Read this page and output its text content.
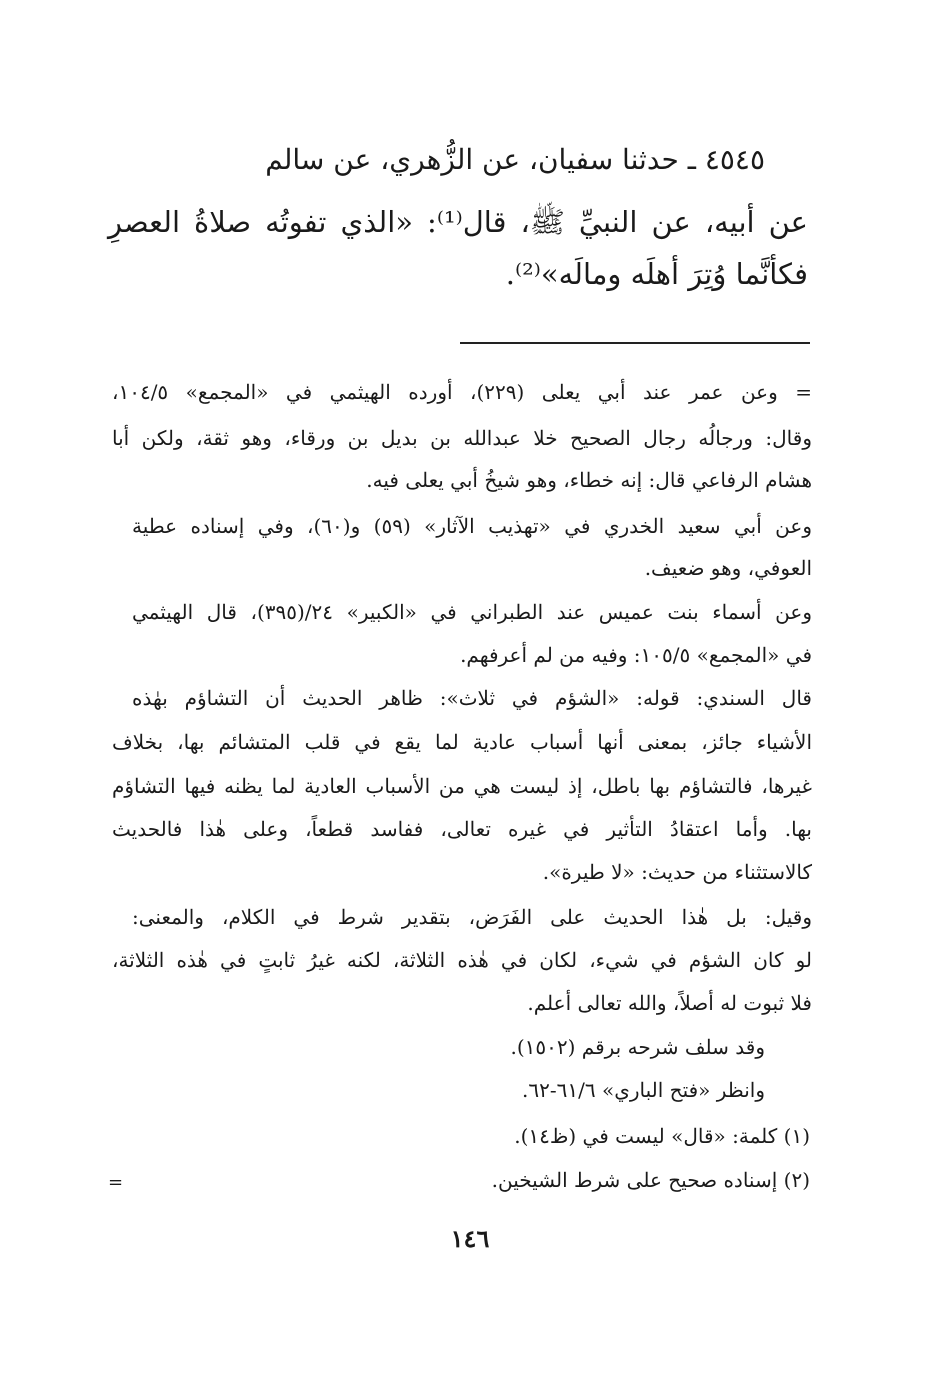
٤٥٤٥ ـ حدثنا سفيان، عن الزُّهري، عن سالم
عن أبيه، عن النبيِّ ﷺ، قال⁽¹⁾: «الذي تفوتُه صلاةُ العصرِ
فكأنَّما وُتِرَ أهلَه ومالَه»⁽²⁾.
= وعن عمر عند أبي يعلى (٢٢٩)، أورده الهيثمي في «المجمع» ١٠٤/٥،
وقال: ورجالُه رجال الصحيح خلا عبدالله بن بديل بن ورقاء، وهو ثقة، ولكن أبا
هشام الرفاعي قال: إنه خطاء، وهو شيخُ أبي يعلى فيه.
وعن أبي سعيد الخدري في «تهذيب الآثار» (٥٩) و(٦٠)، وفي إسناده عطية
العوفي، وهو ضعيف.
وعن أسماء بنت عميس عند الطبراني في «الكبير» ٢٤/(٣٩٥)، قال الهيثمي
في «المجمع» ١٠٥/٥: وفيه من لم أعرفهم.
قال السندي: قوله: «الشؤم في ثلاث»: ظاهر الحديث أن التشاؤم بهٰذه
الأشياء جائز، بمعنى أنها أسباب عادية لما يقع في قلب المتشائم بها، بخلاف
غيرها، فالتشاؤم بها باطل، إذ ليست هي من الأسباب العادية لما يظنه فيها التشاؤم
بها. وأما اعتقادُ التأثير في غيره تعالى، ففاسد قطعاً، وعلى هٰذا فالحديث
كالاستثناء من حديث: «لا طيرة».
وقيل: بل هٰذا الحديث على الفَرَض، بتقدير شرط في الكلام، والمعنى:
لو كان الشؤم في شيء، لكان في هٰذه الثلاثة، لكنه غيرُ ثابتٍ في هٰذه الثلاثة،
فلا ثبوت له أصلاً، والله تعالى أعلم.
وقد سلف شرحه برقم (١٥٠٢).
وانظر «فتح الباري» ٦١/٦-٦٢.
(١) كلمة: «قال» ليست في (ظ١٤).
(٢) إسناده صحيح على شرط الشيخين.
=
١٤٦
